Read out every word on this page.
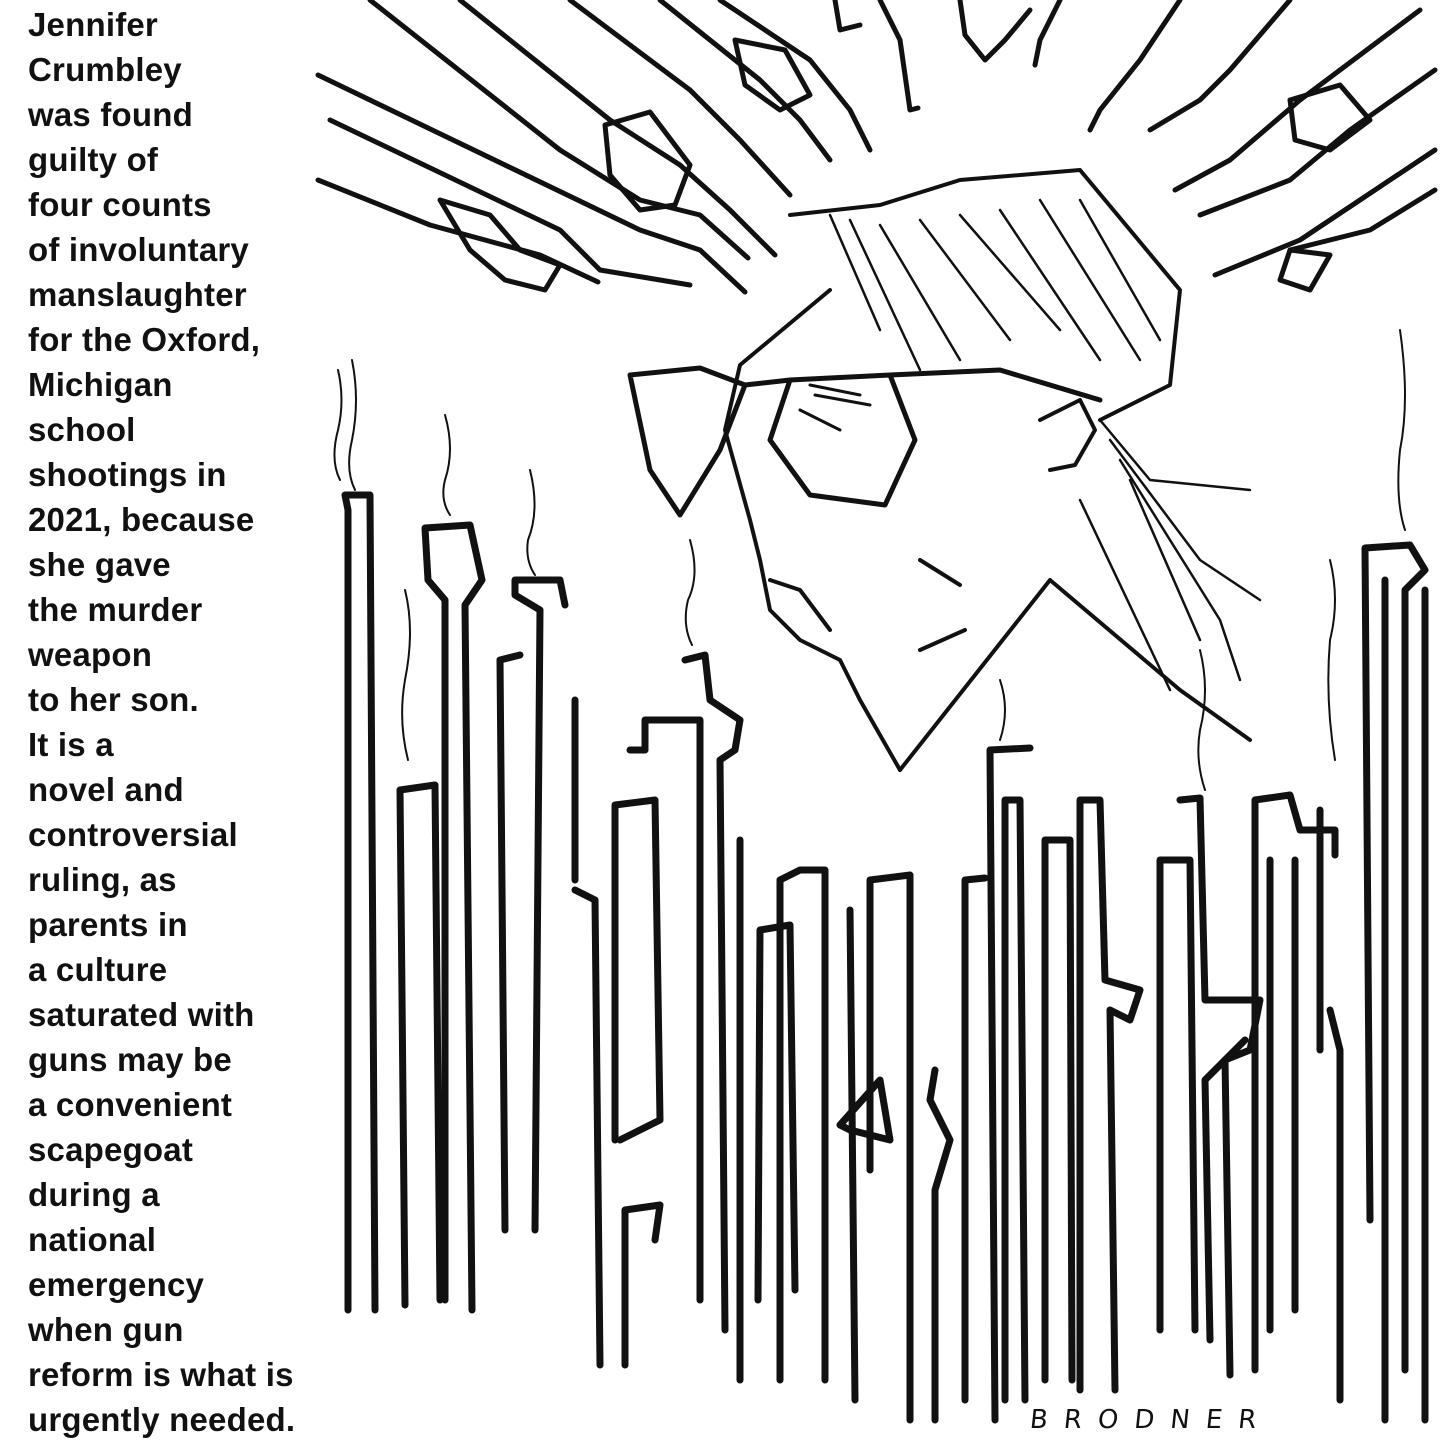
Jennifer
Crumbley
was found
guilty of
four counts
of involuntary
manslaughter
for the Oxford,
Michigan
school
shootings in
2021, because
she gave
the murder
weapon
to her son.
It is a
novel and
controversial
ruling, as
parents in
a culture
saturated with
guns may be
a convenient
scapegoat
during a
national
emergency
when gun
reform is what is
urgently needed.	BRODNER
